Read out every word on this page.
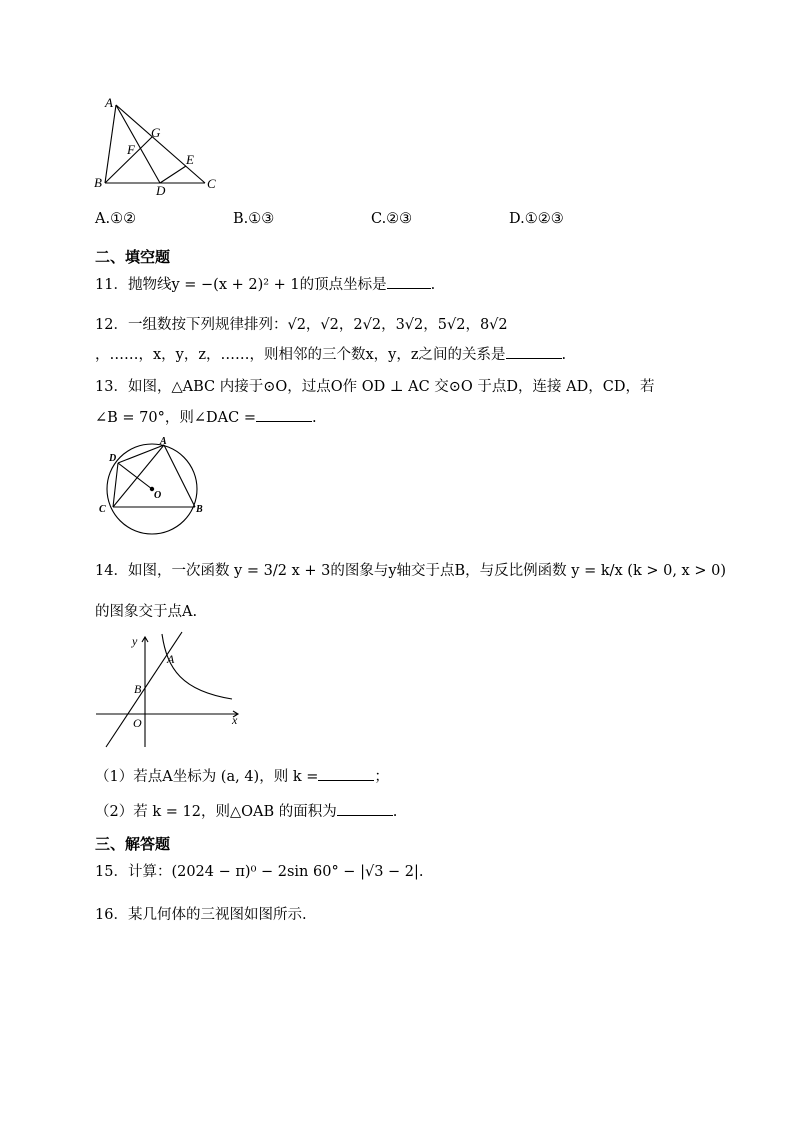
A
B	C
D
E
F
G
A.①②	B.①③	C.②③	D.①②③
二、填空题
11．抛物线y = −(x + 2)² + 1的顶点坐标是	.
12．一组数按下列规律排列：√2，√2，2√2，3√2，5√2，8√2
，……，x，y，z，……，则相邻的三个数x，y，z之间的关系是	.
13．如图，△ABC 内接于⊙O，过点O作 OD ⊥ AC 交⊙O 于点D，连接 AD，CD，若
∠B = 70°，则∠DAC =	.
A
B
C
D
O
14．如图，一次函数 y = 3/2 x + 3的图象与y轴交于点B，与反比例函数 y = k/x (k > 0, x > 0)
的图象交于点A.
y
x
O
B
A
（1）若点A坐标为 (a, 4)，则 k =	；
（2）若 k = 12，则△OAB 的面积为	.
三、解答题
15．计算：(2024 − π)⁰ − 2sin 60° − |√3 − 2|.
16．某几何体的三视图如图所示.
